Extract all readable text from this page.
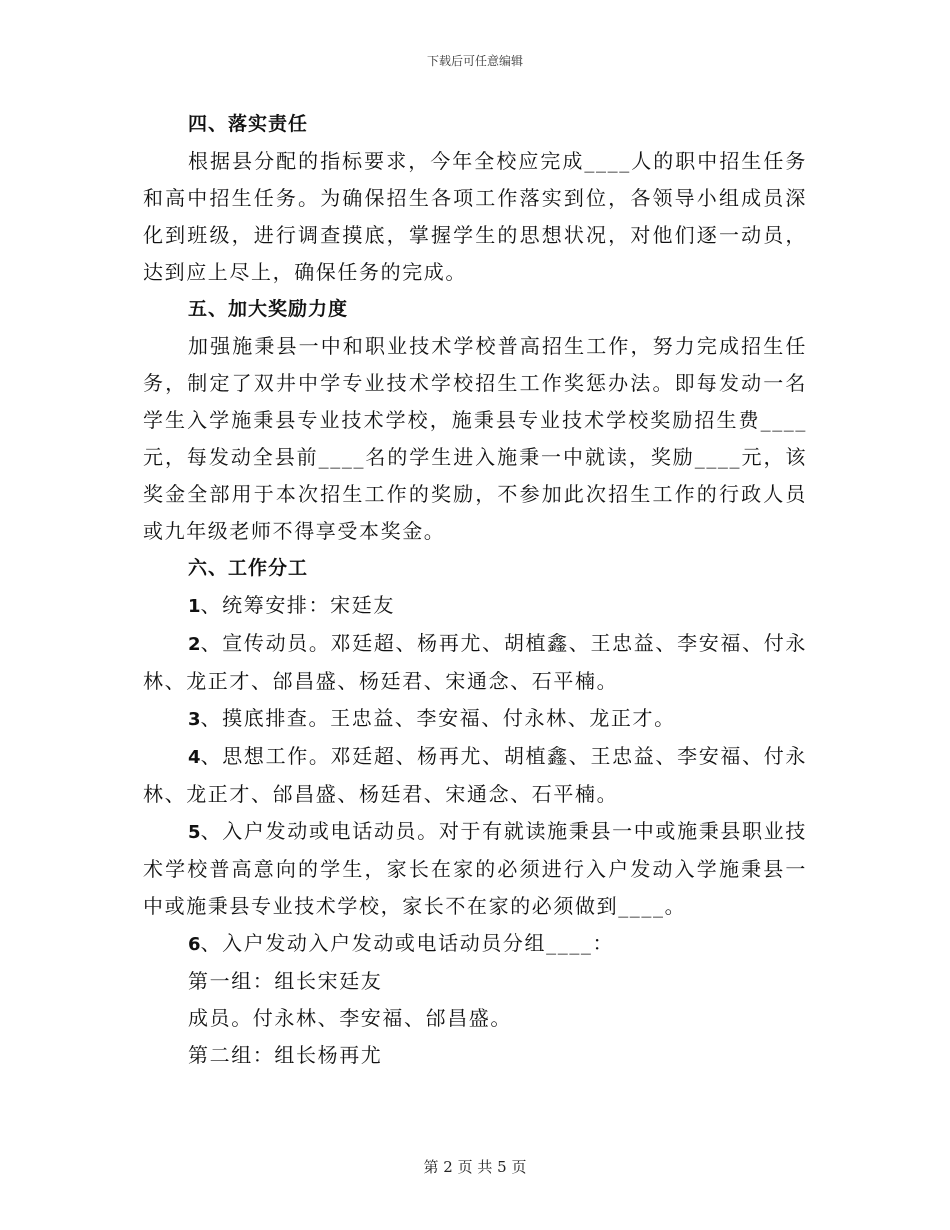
下载后可任意编辑
四、落实责任

根据县分配的指标要求，今年全校应完成____人的职中招生任务和高中招生任务。为确保招生各项工作落实到位，各领导小组成员深化到班级，进行调查摸底，掌握学生的思想状况，对他们逐一动员，达到应上尽上，确保任务的完成。

五、加大奖励力度

加强施秉县一中和职业技术学校普高招生工作，努力完成招生任务，制定了双井中学专业技术学校招生工作奖惩办法。即每发动一名学生入学施秉县专业技术学校，施秉县专业技术学校奖励招生费____元，每发动全县前____名的学生进入施秉一中就读，奖励____元，该奖金全部用于本次招生工作的奖励，不参加此次招生工作的行政人员或九年级老师不得享受本奖金。

六、工作分工

1、统筹安排：宋廷友

2、宣传动员。邓廷超、杨再尤、胡植鑫、王忠益、李安福、付永林、龙正才、邰昌盛、杨廷君、宋通念、石平楠。

3、摸底排查。王忠益、李安福、付永林、龙正才。

4、思想工作。邓廷超、杨再尤、胡植鑫、王忠益、李安福、付永林、龙正才、邰昌盛、杨廷君、宋通念、石平楠。

5、入户发动或电话动员。对于有就读施秉县一中或施秉县职业技术学校普高意向的学生，家长在家的必须进行入户发动入学施秉县一中或施秉县专业技术学校，家长不在家的必须做到____。

6、入户发动入户发动或电话动员分组____：

第一组：组长宋廷友

成员。付永林、李安福、邰昌盛。

第二组：组长杨再尤

第 2 页 共 5 页
